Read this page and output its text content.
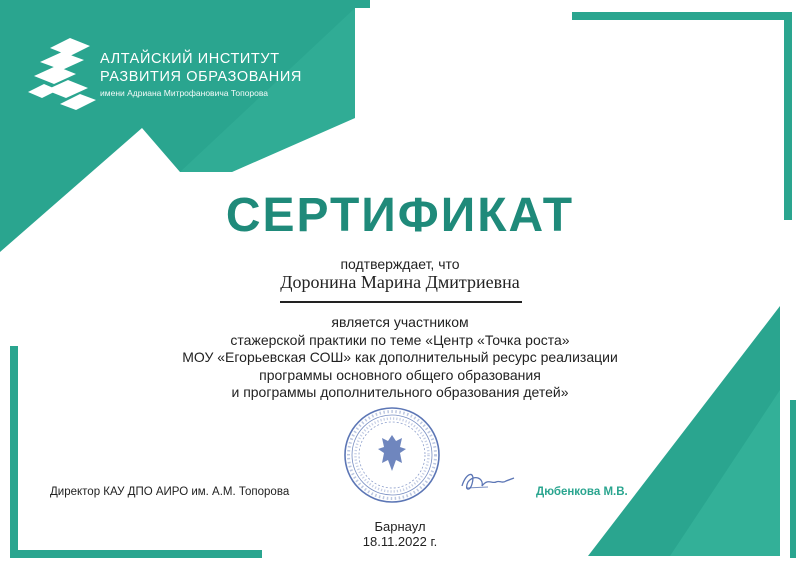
АЛТАЙСКИЙ ИНСТИТУТ
РАЗВИТИЯ ОБРАЗОВАНИЯ
имени Адриана Митрофановича Топорова
СЕРТИФИКАТ
подтверждает, что
Доронина Марина Дмитриевна
является участником
стажерской практики по теме «Центр «Точка роста»
МОУ «Егорьевская СОШ» как дополнительный ресурс реализации
программы основного общего образования
и программы дополнительного образования детей»
Директор КАУ ДПО АИРО им. А.М. Топорова	Дюбенкова М.В.
Барнаул
18.11.2022 г.
